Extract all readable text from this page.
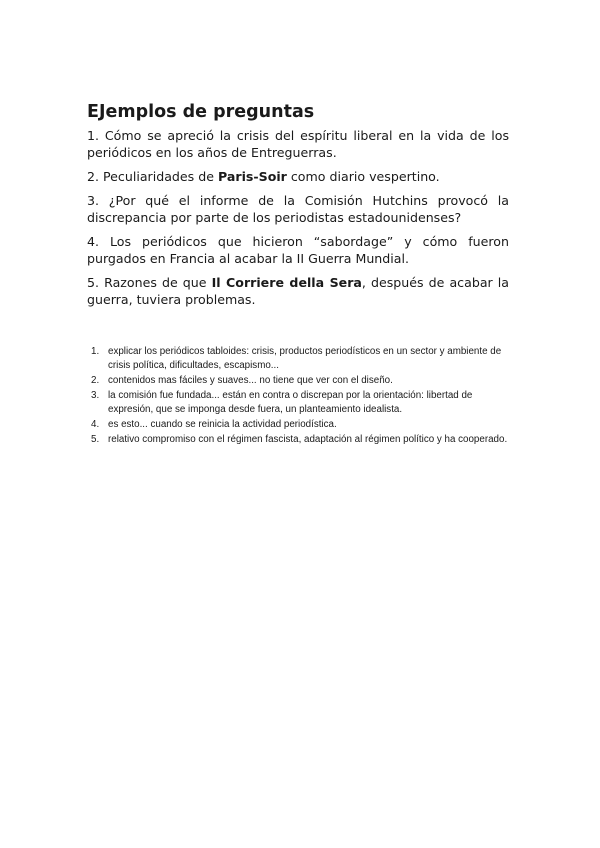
EJemplos de preguntas

1. Cómo se apreció la crisis del espíritu liberal en la vida de los periódicos en los años de Entreguerras.

2. Peculiaridades de Paris-Soir como diario vespertino.

3. ¿Por qué el informe de la Comisión Hutchins provocó la discrepancia por parte de los periodistas estadounidenses?

4. Los periódicos que hicieron “sabordage” y cómo fueron purgados en Francia al acabar la II Guerra Mundial.

5. Razones de que Il Corriere della Sera, después de acabar la guerra, tuviera problemas.

1. explicar los periódicos tabloides: crisis, productos periodísticos en un sector y ambiente de crisis política, dificultades, escapismo...
2. contenidos mas fáciles y suaves... no tiene que ver con el diseño.
3. la comisión fue fundada... están en contra o discrepan por la orientación: libertad de expresión, que se imponga desde fuera, un planteamiento idealista.
4. es esto... cuando se reinicia la actividad periodística.
5. relativo compromiso con el régimen fascista, adaptación al régimen político y ha cooperado.
